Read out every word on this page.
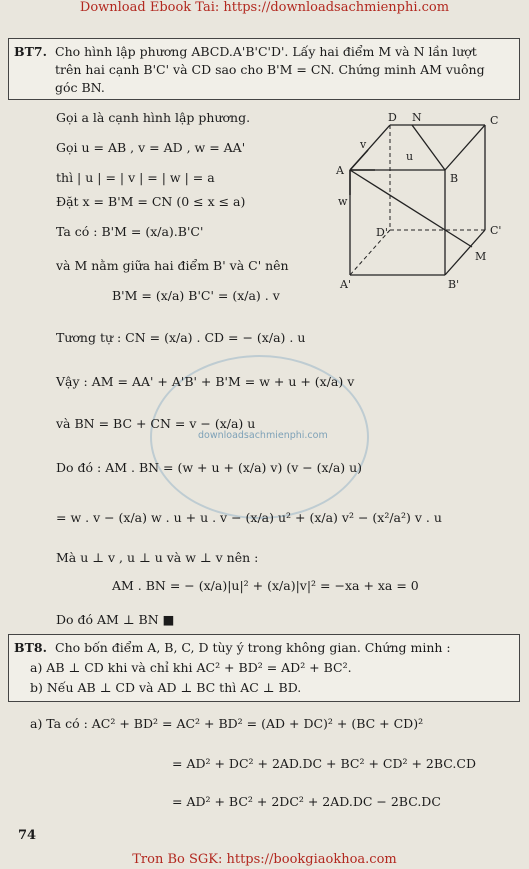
Download Ebook Tai: https://downloadsachmienphi.com
downloadsachmienphi.com
BT7. Cho hình lập phương ABCD.A'B'C'D'. Lấy hai điểm M và N lần lượt
trên hai cạnh B'C' và CD sao cho B'M = CN. Chứng minh AM vuông
góc BN.
Gọi a là cạnh hình lập phương.
Gọi u = AB , v = AD , w = AA'
thì | u | = | v | = | w | = a
Đặt x = B'M = CN (0 ≤ x ≤ a)
Ta có : B'M = (x/a).B'C'
và M nằm giữa hai điểm B' và C' nên
B'M = (x/a) B'C' = (x/a) . v
Tương tự : CN = (x/a) . CD = − (x/a) . u
Vậy : AM = AA' + A'B' + B'M = w + u + (x/a) v
và BN = BC + CN = v − (x/a) u
Do đó : AM . BN = (w + u + (x/a) v) (v − (x/a) u)
= w . v − (x/a) w . u + u . v − (x/a) u² + (x/a) v² − (x²/a²) v . u
Mà u ⊥ v , u ⊥ u và w ⊥ v nên :
AM . BN = − (x/a)|u|² + (x/a)|v|² = −xa + xa = 0
Do đó AM ⊥ BN ■
D N	C
A
B
D'	C'
M
A'	B'
v
u
w
BT8. Cho bốn điểm A, B, C, D tùy ý trong không gian. Chứng minh :
a) AB ⊥ CD khi và chỉ khi AC² + BD² = AD² + BC².
b) Nếu AB ⊥ CD và AD ⊥ BC thì AC ⊥ BD.
a) Ta có : AC² + BD² = AC² + BD² = (AD + DC)² + (BC + CD)²
= AD² + DC² + 2AD.DC + BC² + CD² + 2BC.CD
= AD² + BC² + 2DC² + 2AD.DC − 2BC.DC
74
Tron Bo SGK: https://bookgiaokhoa.com
